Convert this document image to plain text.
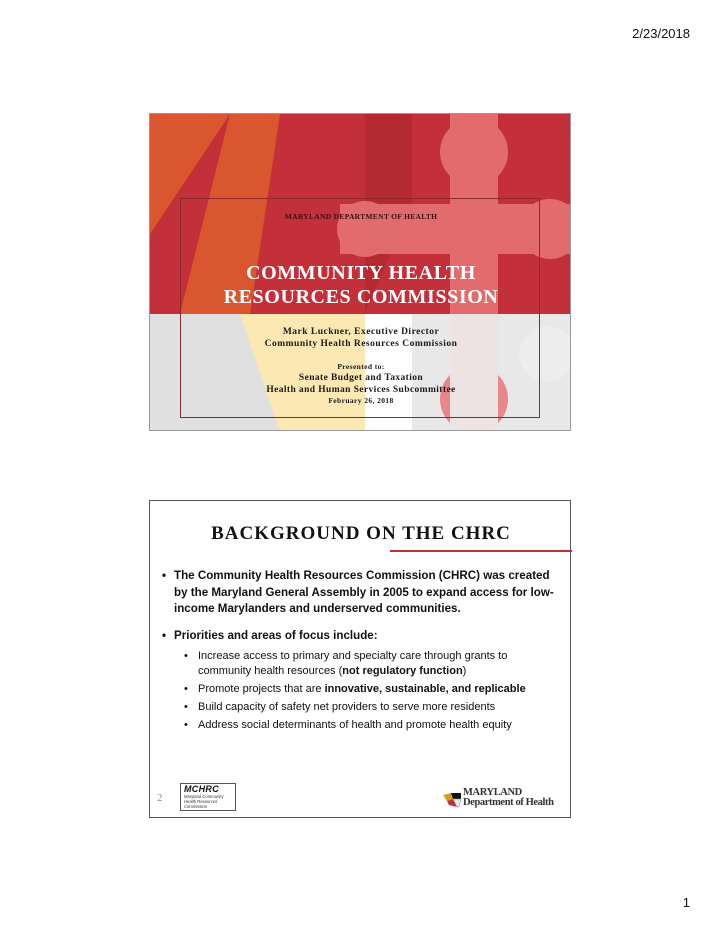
2/23/2018
MARYLAND DEPARTMENT OF HEALTH
COMMUNITY HEALTH
RESOURCES COMMISSION
Mark Luckner, Executive Director
Community Health Resources Commission
Presented to:
Senate Budget and Taxation
Health and Human Services Subcommittee
February 26, 2018
BACKGROUND ON THE CHRC
• The Community Health Resources Commission (CHRC) was created by the Maryland General Assembly in 2005 to expand access for low-income Marylanders and underserved communities.
• Priorities and areas of focus include:
• Increase access to primary and specialty care through grants to community health resources (not regulatory function)
• Promote projects that are innovative, sustainable, and replicable
• Build capacity of safety net providers to serve more residents
• Address social determinants of health and promote health equity
2
MCHRC
Maryland Community Health Resources Commission
MARYLAND
Department of Health
1
